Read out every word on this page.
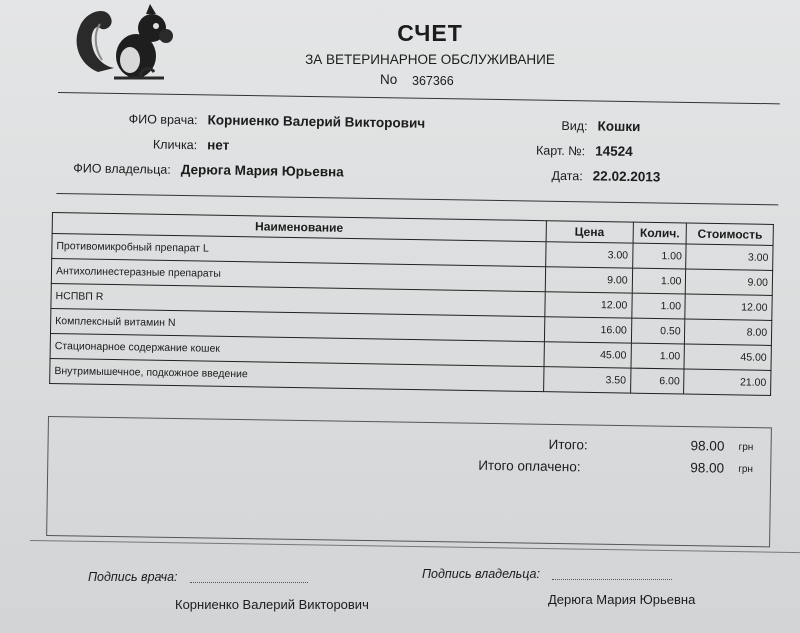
СЧЕТ
ЗА ВЕТЕРИНАРНОЕ ОБСЛУЖИВАНИЕ
No 367366
ФИО врача: Корниенко Валерий Викторович
Кличка: нет
ФИО владельца: Дерюга Мария Юрьевна
Вид: Кошки
Карт. №: 14524
Дата: 22.02.2013
Наименование	Цена	Колич.	Стоимость
Противомикробный препарат L	3.00	1.00	3.00
Антихолинестеразные препараты	9.00	1.00	9.00
НСПВП R	12.00	1.00	12.00
Комплексный витамин N	16.00	0.50	8.00
Стационарное содержание кошек	45.00	1.00	45.00
Внутримышечное, подкожное введение	3.50	6.00	21.00
Итого:	98.00 грн
Итого оплачено:	98.00 грн
Подпись врача:	Подпись владельца:
Корниенко Валерий Викторович	Дерюга Мария Юрьевна
